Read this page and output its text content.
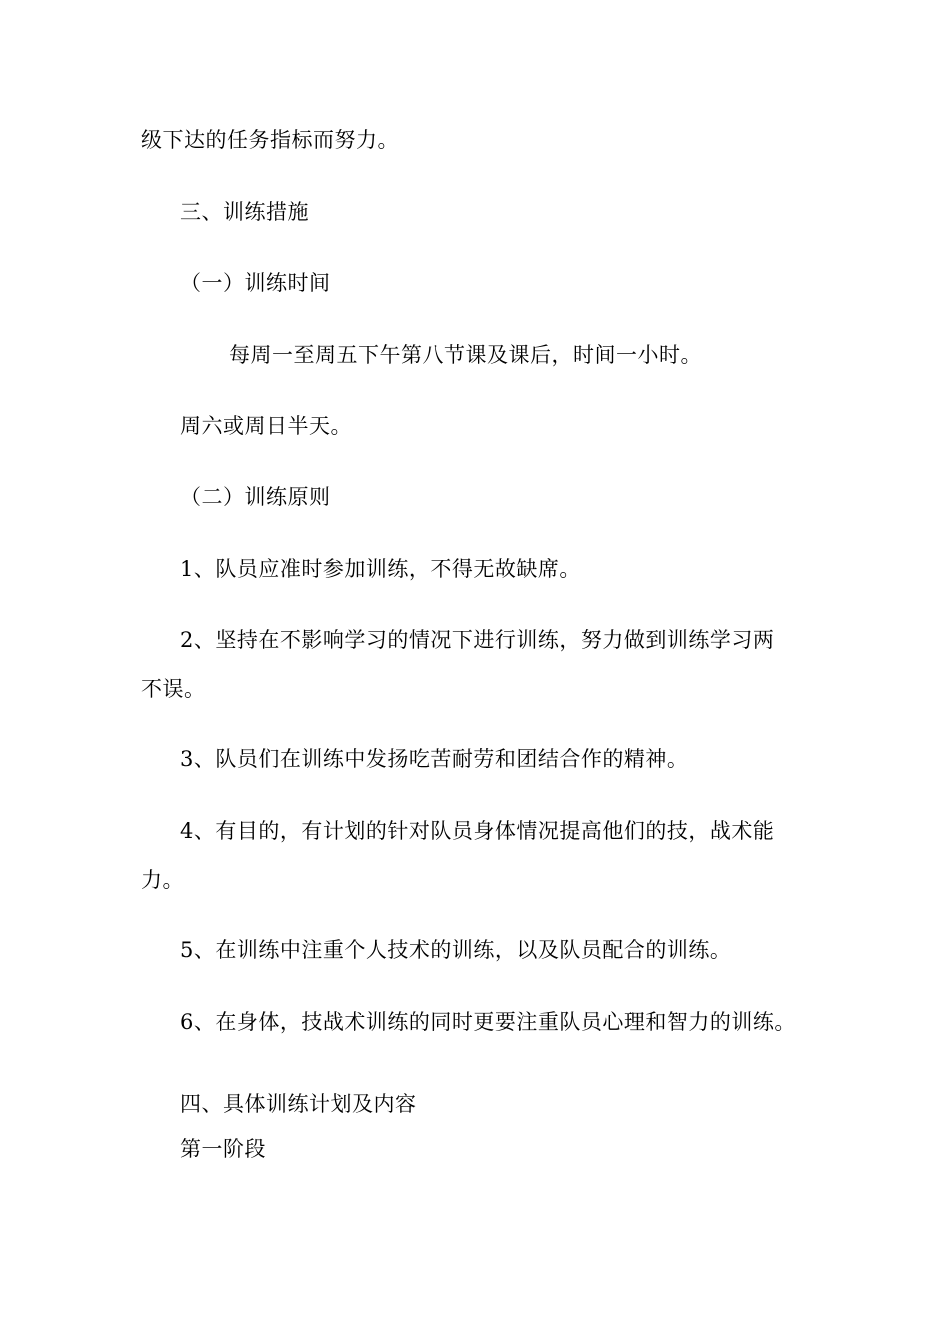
级下达的任务指标而努力。
三、训练措施
（一）训练时间
每周一至周五下午第八节课及课后，时间一小时。
周六或周日半天。
（二）训练原则
1、队员应准时参加训练，不得无故缺席。
2、坚持在不影响学习的情况下进行训练，努力做到训练学习两
不误。
3、队员们在训练中发扬吃苦耐劳和团结合作的精神。
4、有目的，有计划的针对队员身体情况提高他们的技，战术能
力。
5、在训练中注重个人技术的训练，以及队员配合的训练。
6、在身体，技战术训练的同时更要注重队员心理和智力的训练。
四、具体训练计划及内容
第一阶段
